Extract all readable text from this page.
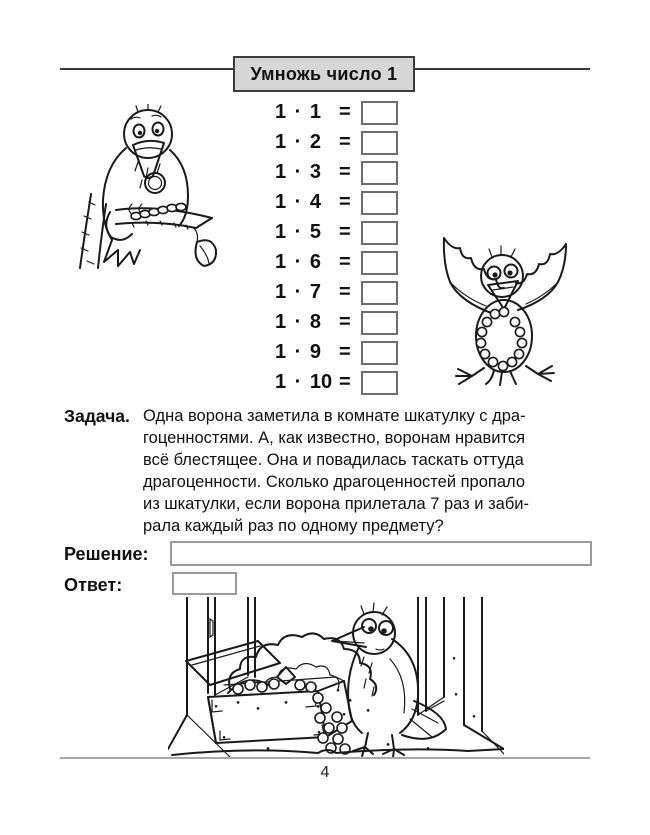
Умножь число 1
1 · 1 =
1 · 2 =
1 · 3 =
1 · 4 =
1 · 5 =
1 · 6 =
1 · 7 =
1 · 8 =
1 · 9 =
1 · 10 =
Задача. Одна ворона заметила в комнате шкатулку с дра-
гоценностями. А, как известно, воронам нравится
всё блестящее. Она и повадилась таскать оттуда
драгоценности. Сколько драгоценностей пропало
из шкатулки, если ворона прилетала 7 раз и заби-
рала каждый раз по одному предмету?
Решение:
Ответ:
4
